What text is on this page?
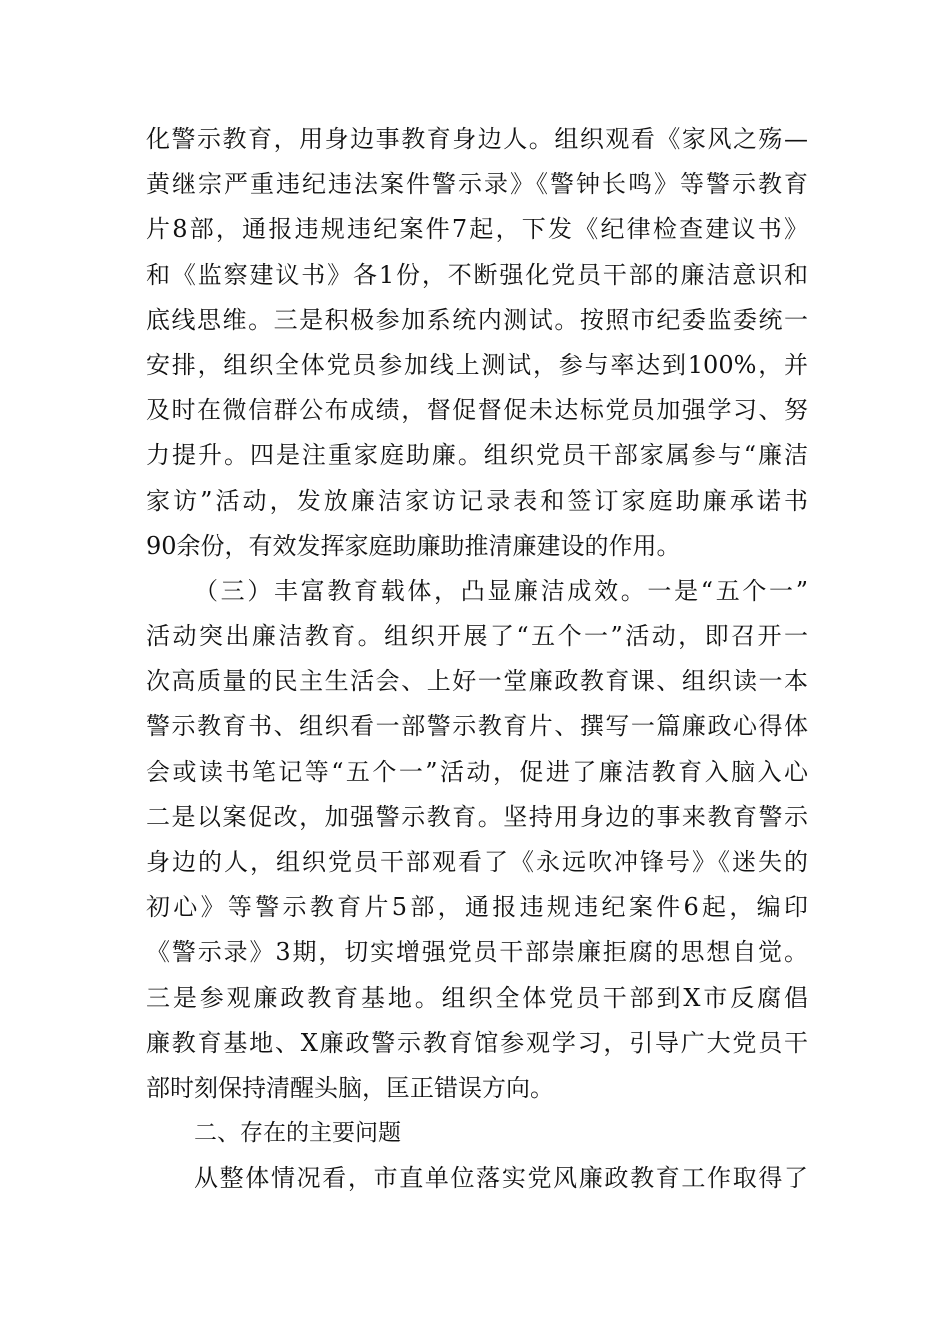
化警示教育，用身边事教育身边人。组织观看《家风之殇—
黄继宗严重违纪违法案件警示录》《警钟长鸣》等警示教育
片8部，通报违规违纪案件7起，下发《纪律检查建议书》
和《监察建议书》各1份，不断强化党员干部的廉洁意识和
底线思维。三是积极参加系统内测试。按照市纪委监委统一
安排，组织全体党员参加线上测试，参与率达到100%，并
及时在微信群公布成绩，督促督促未达标党员加强学习、努
力提升。四是注重家庭助廉。组织党员干部家属参与“廉洁
家访”活动，发放廉洁家访记录表和签订家庭助廉承诺书
90余份，有效发挥家庭助廉助推清廉建设的作用。
（三）丰富教育载体，凸显廉洁成效。一是“五个一”
活动突出廉洁教育。组织开展了“五个一”活动，即召开一
次高质量的民主生活会、上好一堂廉政教育课、组织读一本
警示教育书、组织看一部警示教育片、撰写一篇廉政心得体
会或读书笔记等“五个一”活动，促进了廉洁教育入脑入心
二是以案促改，加强警示教育。坚持用身边的事来教育警示
身边的人，组织党员干部观看了《永远吹冲锋号》《迷失的
初心》等警示教育片5部，通报违规违纪案件6起，编印
《警示录》3期，切实增强党员干部崇廉拒腐的思想自觉。
三是参观廉政教育基地。组织全体党员干部到X市反腐倡
廉教育基地、X廉政警示教育馆参观学习，引导广大党员干
部时刻保持清醒头脑，匡正错误方向。
二、存在的主要问题
从整体情况看，市直单位落实党风廉政教育工作取得了
